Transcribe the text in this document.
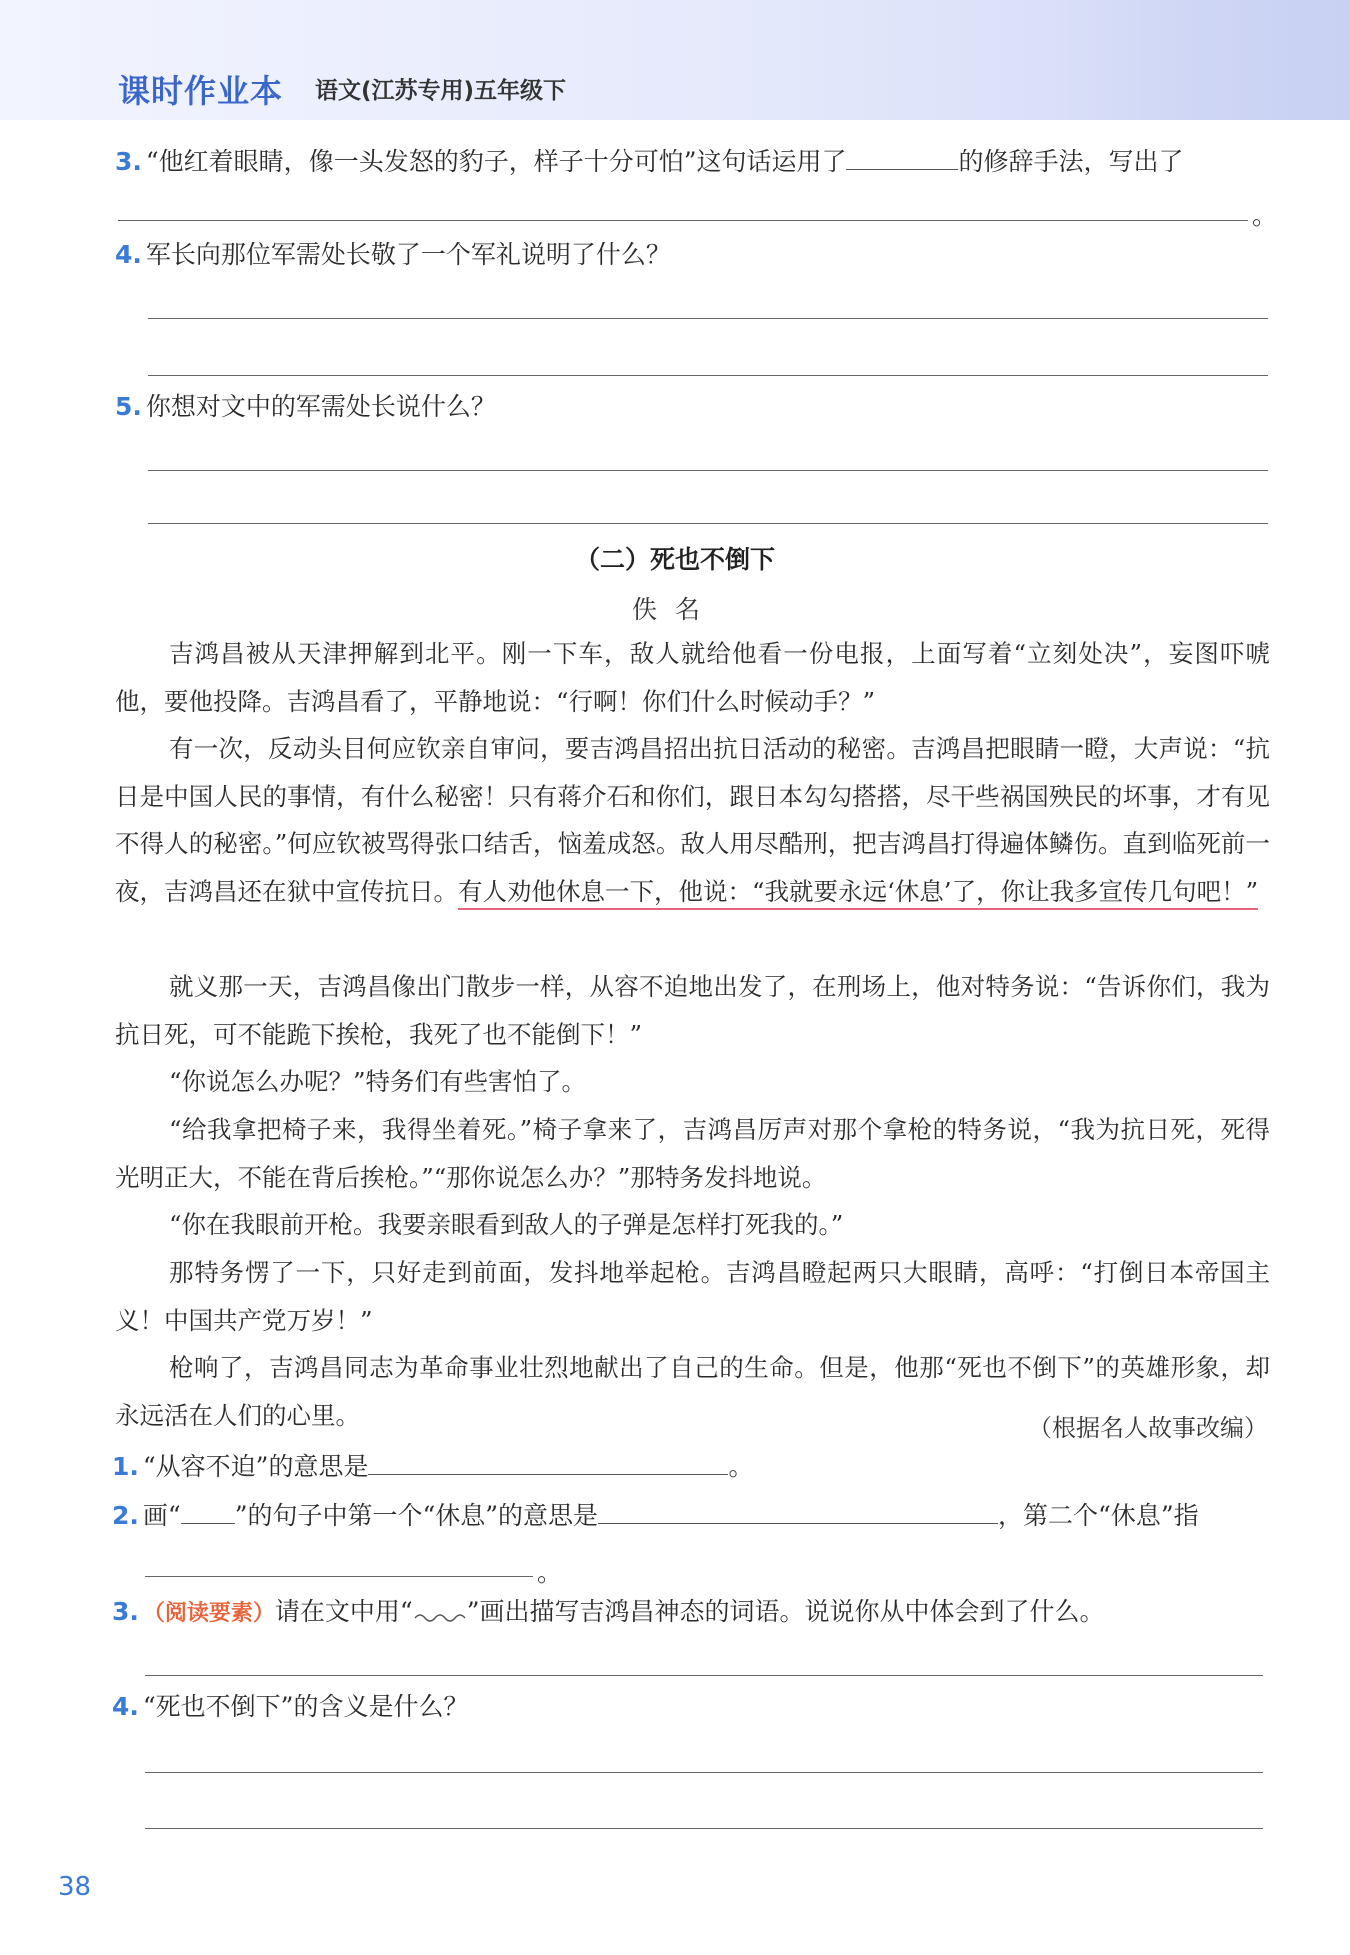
课时作业本 语文(江苏专用)五年级下
3. “他红着眼睛，像一头发怒的豹子，样子十分可怕”这句话运用了	的修辞手法，写出了
。
4. 军长向那位军需处长敬了一个军礼说明了什么？
5. 你想对文中的军需处长说什么？
（二）死也不倒下
佚名
吉鸿昌被从天津押解到北平。刚一下车，敌人就给他看一份电报，上面写着“立刻处决”，妄图吓唬他，要他投降。吉鸿昌看了，平静地说：“行啊！你们什么时候动手？”
有一次，反动头目何应钦亲自审问，要吉鸿昌招出抗日活动的秘密。吉鸿昌把眼睛一瞪，大声说：“抗日是中国人民的事情，有什么秘密！只有蒋介石和你们，跟日本勾勾搭搭，尽干些祸国殃民的坏事，才有见不得人的秘密。”何应钦被骂得张口结舌，恼羞成怒。敌人用尽酷刑，把吉鸿昌打得遍体鳞伤。直到临死前一夜，吉鸿昌还在狱中宣传抗日。有人劝他休息一下，他说：“我就要永远‘休息’了，你让我多宣传几句吧！”
就义那一天，吉鸿昌像出门散步一样，从容不迫地出发了，在刑场上，他对特务说：“告诉你们，我为抗日死，可不能跪下挨枪，我死了也不能倒下！”
“你说怎么办呢？”特务们有些害怕了。
“给我拿把椅子来，我得坐着死。”椅子拿来了，吉鸿昌厉声对那个拿枪的特务说，“我为抗日死，死得光明正大，不能在背后挨枪。”“那你说怎么办？”那特务发抖地说。
“你在我眼前开枪。我要亲眼看到敌人的子弹是怎样打死我的。”
那特务愣了一下，只好走到前面，发抖地举起枪。吉鸿昌瞪起两只大眼睛，高呼：“打倒日本帝国主义！中国共产党万岁！”
枪响了，吉鸿昌同志为革命事业壮烈地献出了自己的生命。但是，他那“死也不倒下”的英雄形象，却永远活在人们的心里。	（根据名人故事改编）
1. “从容不迫”的意思是	。
2. 画“ ”的句子中第一个“休息”的意思是	，第二个“休息”指
。
3. （阅读要素）请在文中用“ ”画出描写吉鸿昌神态的词语。说说你从中体会到了什么。
4. “死也不倒下”的含义是什么？
38
